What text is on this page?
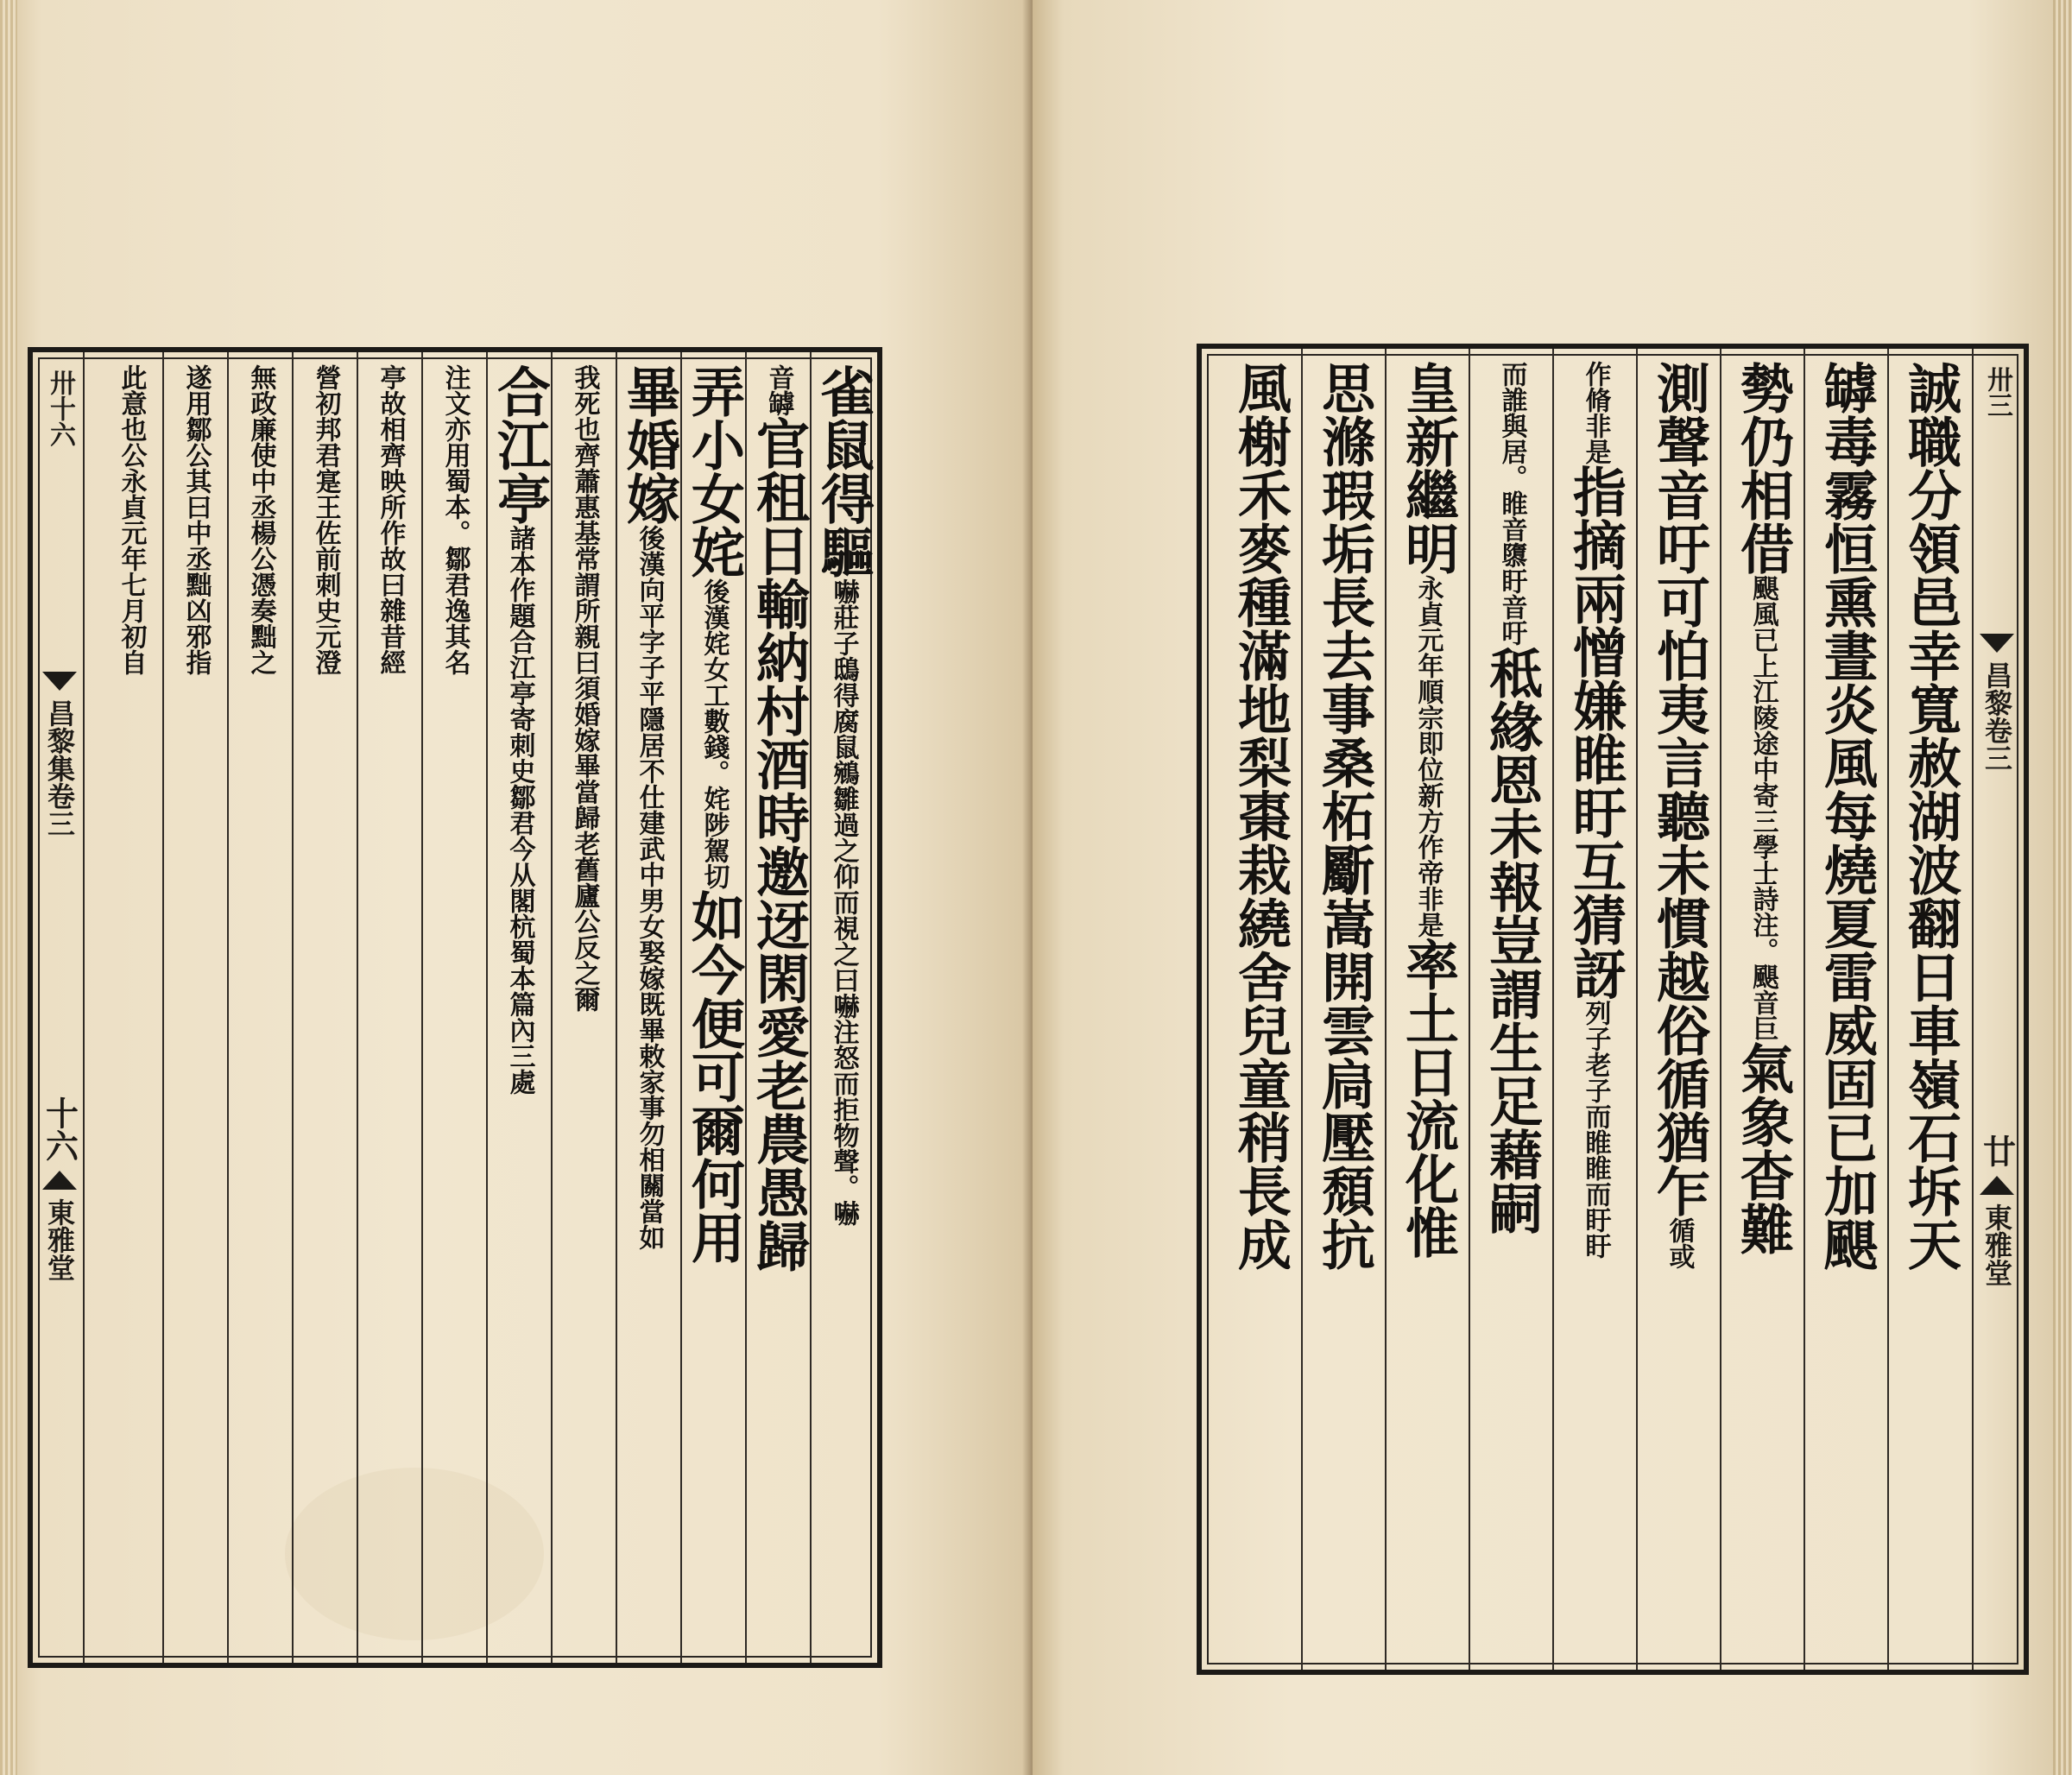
卅十六
昌黎集卷三
十六
東雅堂
雀鼠得驅
嚇莊子鴟得腐鼠鵷雛過之仰而視之曰嚇注怒而拒物聲
。嚇
音
罅
官租日輸納村酒時邀迓閑愛老農愚歸
弄小女姹
後漢姹女工數錢。姹陟駕切
如今便可爾何用
畢婚嫁
後漢向平字子平隱居不仕建武中男女娶嫁既畢敕家事勿相關當如
我死也齊蕭惠基常謂所親曰須婚嫁畢當歸老舊廬公反之爾
合江亭
諸本作題合江亭寄刺史鄒君今从閣杭蜀本篇內三處
注文亦用蜀本。鄒君逸其名
亭故相齊映所作故曰雜昔經
營初邦君寔王佐前刺史元澄
無政廉使中丞楊公憑奏黜之
遂用鄒公其曰中丞黜凶邪指
此意也公永貞元年七月初自	誠職分領邑幸寬赦湖波翻日車嶺石坼天
罅毒霧恒熏晝炎風每燒夏雷威固已加颶
勢仍相借
颶風已上江陵途中寄三學士詩注。颶音巨
氣象杳難
測聲音吁可怕夷言聽未慣越俗循猶乍
循或
作脩非是
指摘兩憎嫌睢盱互猜訝
列子老子而睢睢而盱盱
而誰與居。睢音隳盱音吁
秪緣恩未報豈謂生足藉嗣
皇新繼明
永貞元年順宗即位新方作帝非是
率土日流化惟
思滌瑕垢長去事桑柘斸嵩開雲扃壓頹抗
風榭禾麥種滿地梨棗栽繞舍兒童稍長成	卅三
昌黎卷三
廿
東雅堂
